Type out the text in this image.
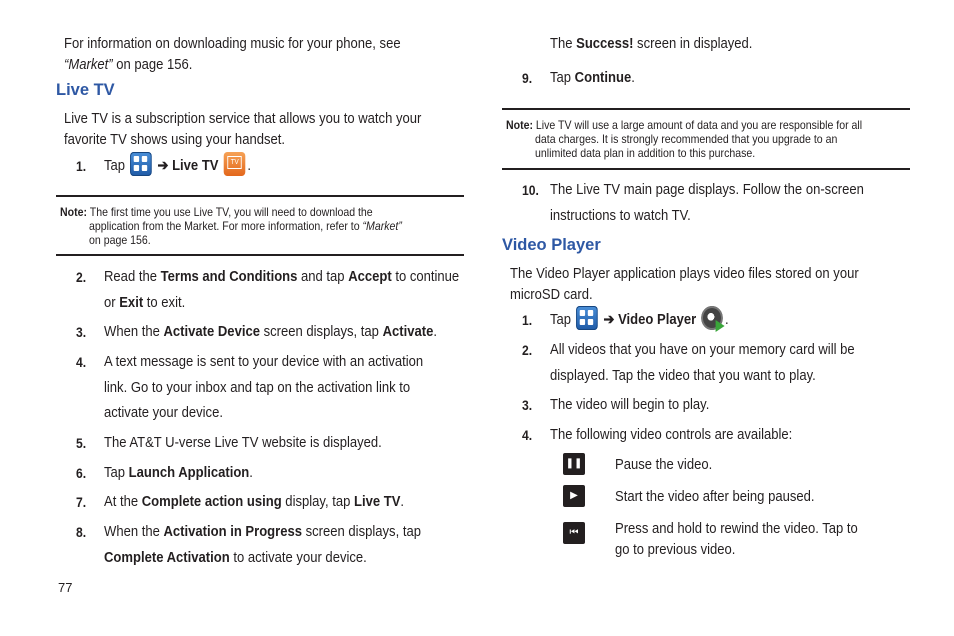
For information on downloading music for your phone, see
“Market” on page 156.
Live TV
Live TV is a subscription service that allows you to watch your
favorite TV shows using your handset.
1. Tap ➔ Live TV TV .
Note: The first time you use Live TV, you will need to download the
application from the Market. For more information, refer to “Market”
on page 156.
2. Read the Terms and Conditions and tap Accept to continue
or Exit to exit.
3. When the Activate Device screen displays, tap Activate.
4. A text message is sent to your device with an activation
link. Go to your inbox and tap on the activation link to
activate your device.
5. The AT&T U-verse Live TV website is displayed.
6. Tap Launch Application.
7. At the Complete action using display, tap Live TV.
8. When the Activation in Progress screen displays, tap
Complete Activation to activate your device.
77
The Success! screen in displayed.
9. Tap Continue.
Note: Live TV will use a large amount of data and you are responsible for all
data charges. It is strongly recommended that you upgrade to an
unlimited data plan in addition to this purchase.
10. The Live TV main page displays. Follow the on-screen
instructions to watch TV.
Video Player
The Video Player application plays video files stored on your
microSD card.
1. Tap ➔ Video Player .
2. All videos that you have on your memory card will be
displayed. Tap the video that you want to play.
3. The video will begin to play.
4. The following video controls are available:
❚❚ Pause the video.
▶	Start the video after being paused.
⏮	Press and hold to rewind the video. Tap to
go to previous video.
